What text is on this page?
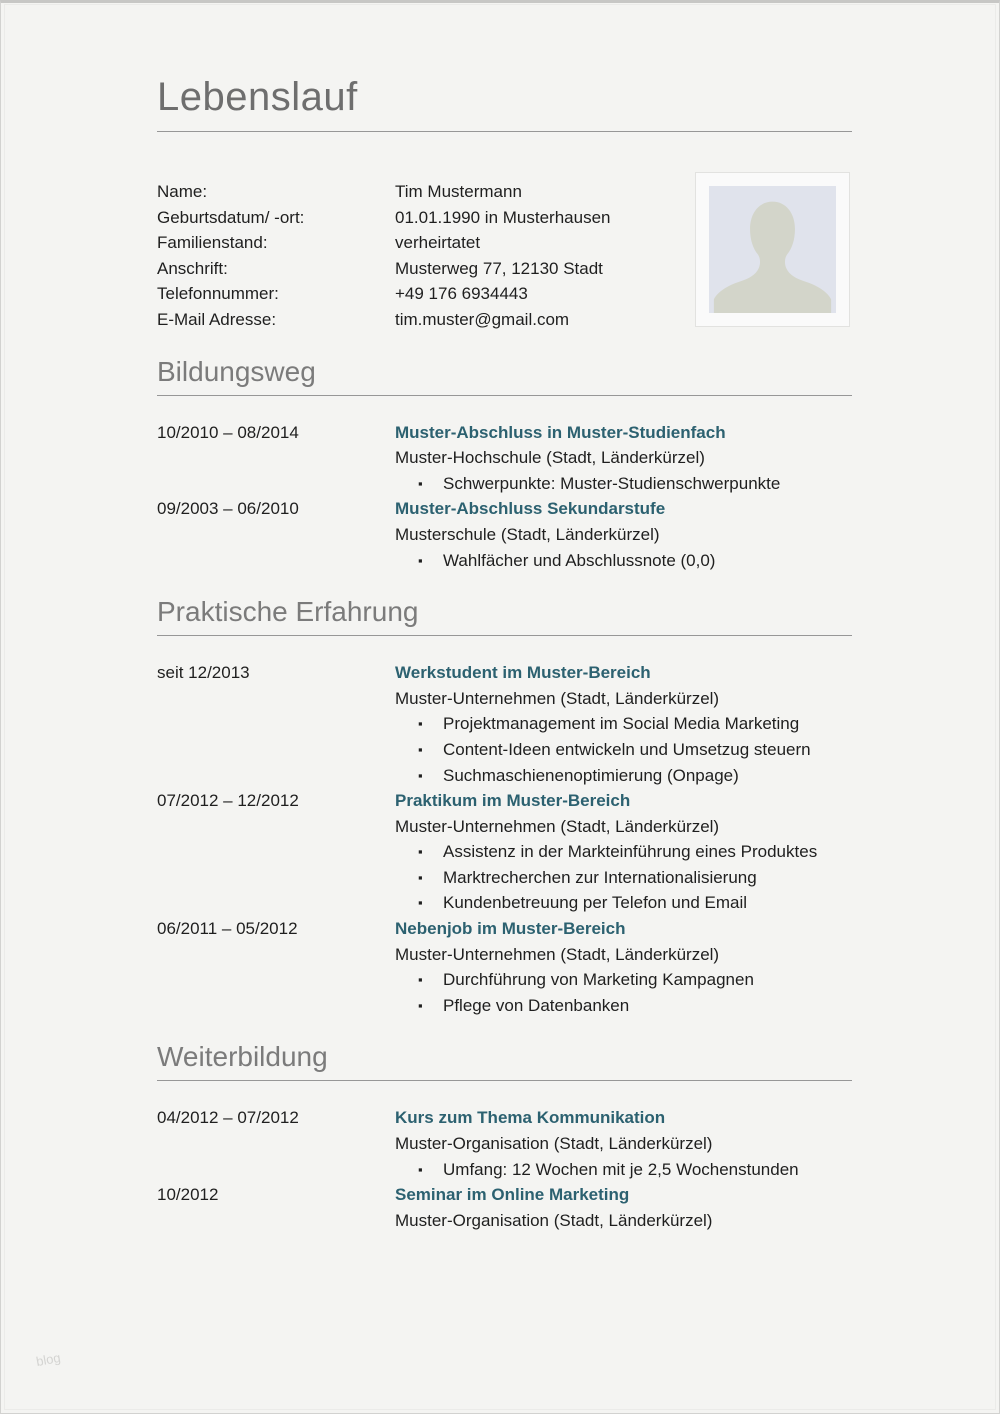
Lebenslauf
Name:	Tim Mustermann
Geburtsdatum/ -ort:	01.01.1990 in Musterhausen
Familienstand:	verheirtatet
Anschrift:	Musterweg 77, 12130 Stadt
Telefonnummer:	+49 176 6934443
E-Mail Adresse:	tim.muster@gmail.com
Bildungsweg
10/2010 – 08/2014	Muster-Abschluss in Muster-Studienfach
Muster-Hochschule (Stadt, Länderkürzel)
▪ Schwerpunkte: Muster-Studienschwerpunkte
09/2003 – 06/2010	Muster-Abschluss Sekundarstufe
Musterschule (Stadt, Länderkürzel)
▪ Wahlfächer und Abschlussnote (0,0)
Praktische Erfahrung
seit 12/2013	Werkstudent im Muster-Bereich
Muster-Unternehmen (Stadt, Länderkürzel)
▪ Projektmanagement im Social Media Marketing
▪ Content-Ideen entwickeln und Umsetzug steuern
▪ Suchmaschienenoptimierung (Onpage)
07/2012 – 12/2012	Praktikum im Muster-Bereich
Muster-Unternehmen (Stadt, Länderkürzel)
▪ Assistenz in der Markteinführung eines Produktes
▪ Marktrecherchen zur Internationalisierung
▪ Kundenbetreuung per Telefon und Email
06/2011 – 05/2012	Nebenjob im Muster-Bereich
Muster-Unternehmen (Stadt, Länderkürzel)
▪ Durchführung von Marketing Kampagnen
▪ Pflege von Datenbanken
Weiterbildung
04/2012 – 07/2012	Kurs zum Thema Kommunikation
Muster-Organisation (Stadt, Länderkürzel)
▪ Umfang: 12 Wochen mit je 2,5 Wochenstunden
10/2012	Seminar im Online Marketing
Muster-Organisation (Stadt, Länderkürzel)
blog
